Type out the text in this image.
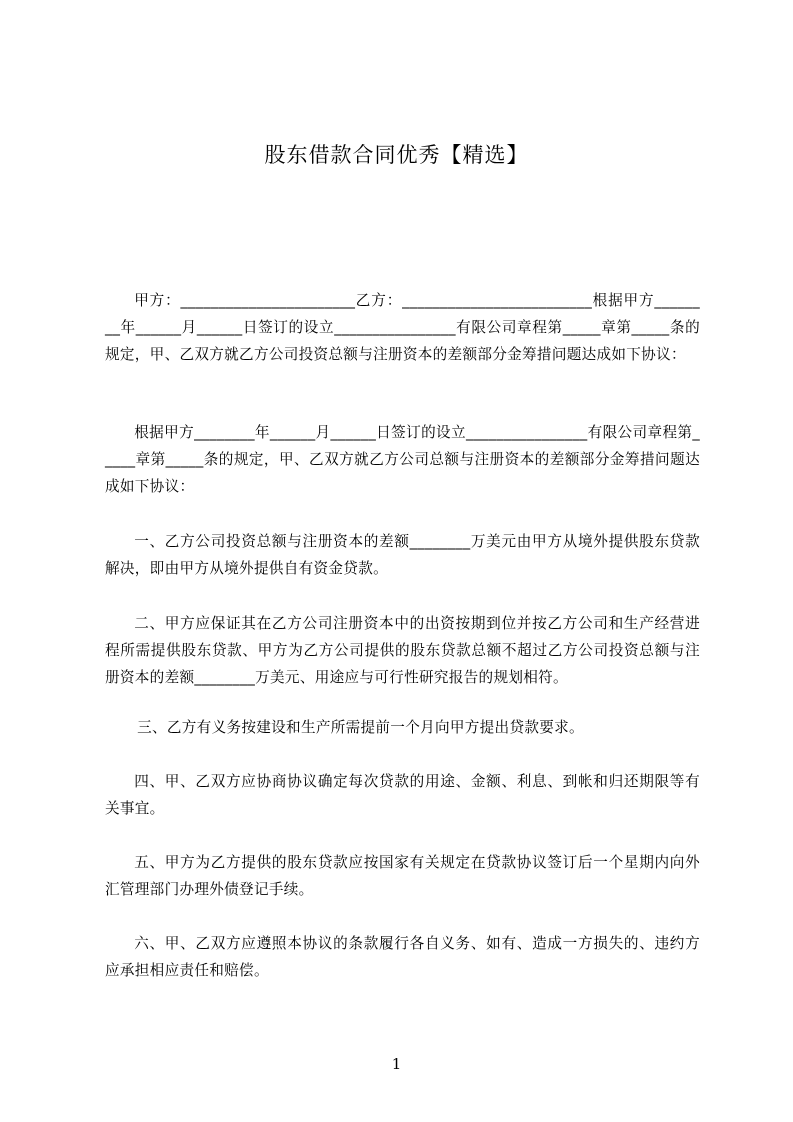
股东借款合同优秀【精选】

甲方：_______________________乙方：_________________________根据甲方________年______月______日签订的设立________________有限公司章程第_____章第_____条的规定，甲、乙双方就乙方公司投资总额与注册资本的差额部分金筹措问题达成如下协议：

根据甲方________年______月______日签订的设立________________有限公司章程第_____章第_____条的规定，甲、乙双方就乙方公司总额与注册资本的差额部分金筹措问题达成如下协议：

一、乙方公司投资总额与注册资本的差额________万美元由甲方从境外提供股东贷款解决，即由甲方从境外提供自有资金贷款。

二、甲方应保证其在乙方公司注册资本中的出资按期到位并按乙方公司和生产经营进程所需提供股东贷款、甲方为乙方公司提供的股东贷款总额不超过乙方公司投资总额与注册资本的差额________万美元、用途应与可行性研究报告的规划相符。

三、乙方有义务按建设和生产所需提前一个月向甲方提出贷款要求。

四、甲、乙双方应协商协议确定每次贷款的用途、金额、利息、到帐和归还期限等有关事宜。

五、甲方为乙方提供的股东贷款应按国家有关规定在贷款协议签订后一个星期内向外汇管理部门办理外债登记手续。

六、甲、乙双方应遵照本协议的条款履行各自义务、如有、造成一方损失的、违约方应承担相应责任和赔偿。

1
